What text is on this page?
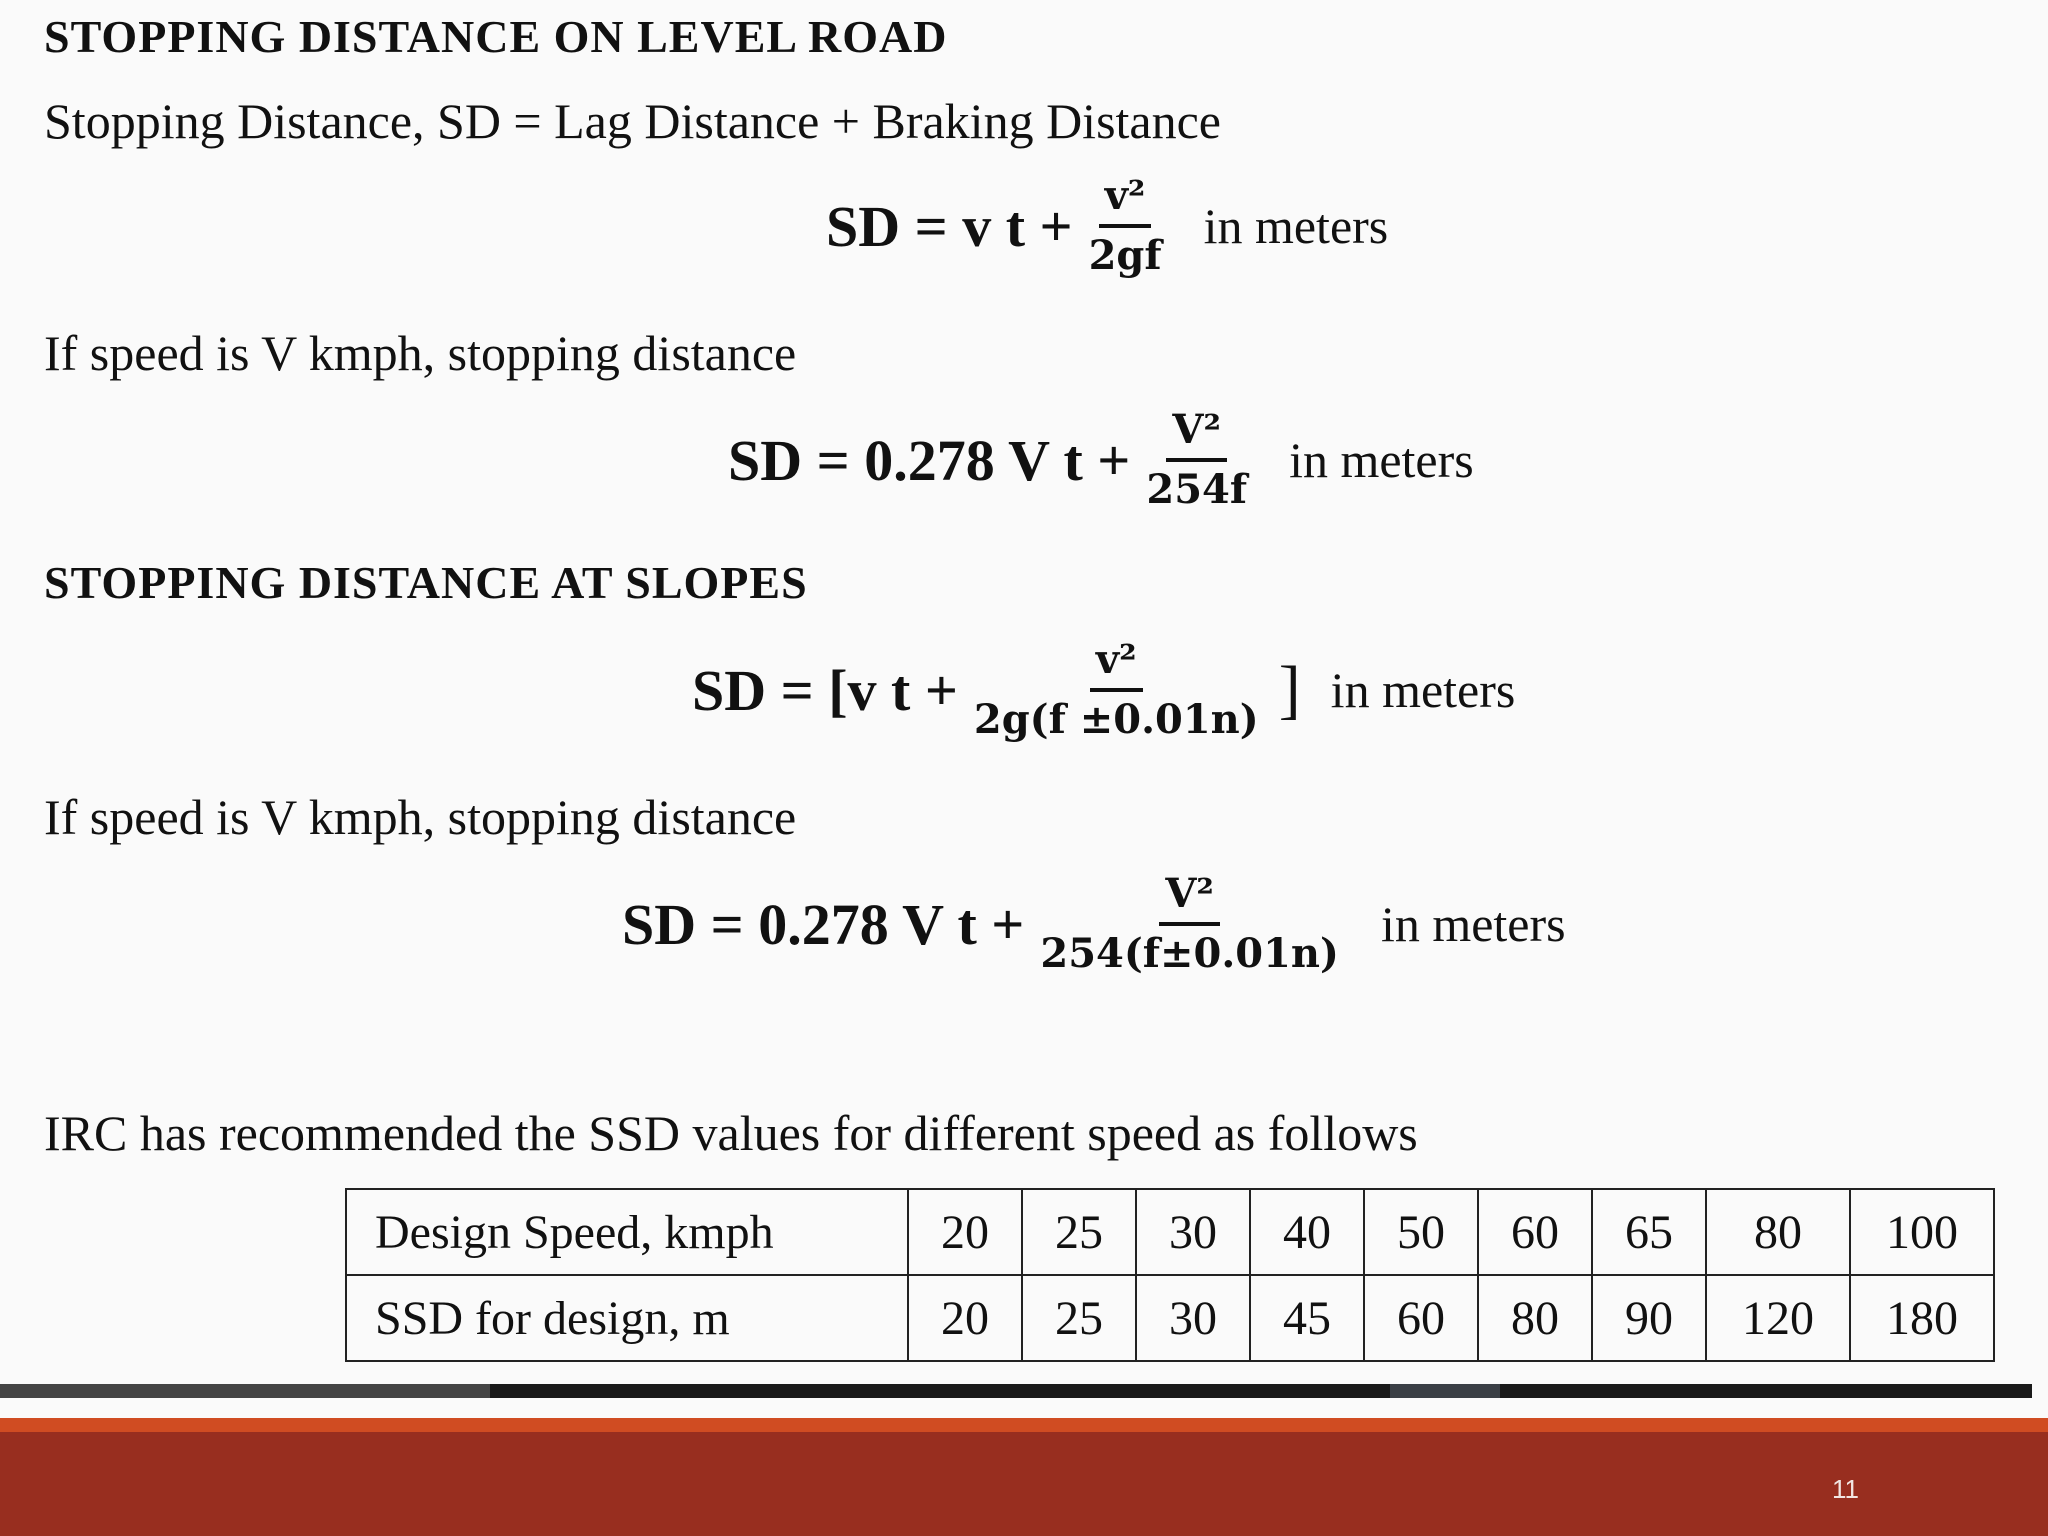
STOPPING DISTANCE ON LEVEL ROAD
Stopping Distance, SD = Lag Distance + Braking Distance
SD = v $t + \frac{\text{v²}}{2gf}$ in meters
If speed is V kmph, stopping distance
SD = 0.278 V $t + \frac{\text{V²}}{254f}$ in meters
STOPPING DISTANCE AT SLOPES
SD = [v $t + \frac{\text{v²}}{2g(f \pm 0.01n)}$ ] in meters
If speed is V kmph, stopping distance
SD = 0.278 V $t + \frac{\text{V²}}{254(f\pm 0.01n)}$ in meters
IRC has recommended the SSD values for different speed as follows
Design Speed, kmph	20	25	30	40	50	60	65	80	100
SSD for design, m	20	25	30	45	60	80	90	120	180
11
